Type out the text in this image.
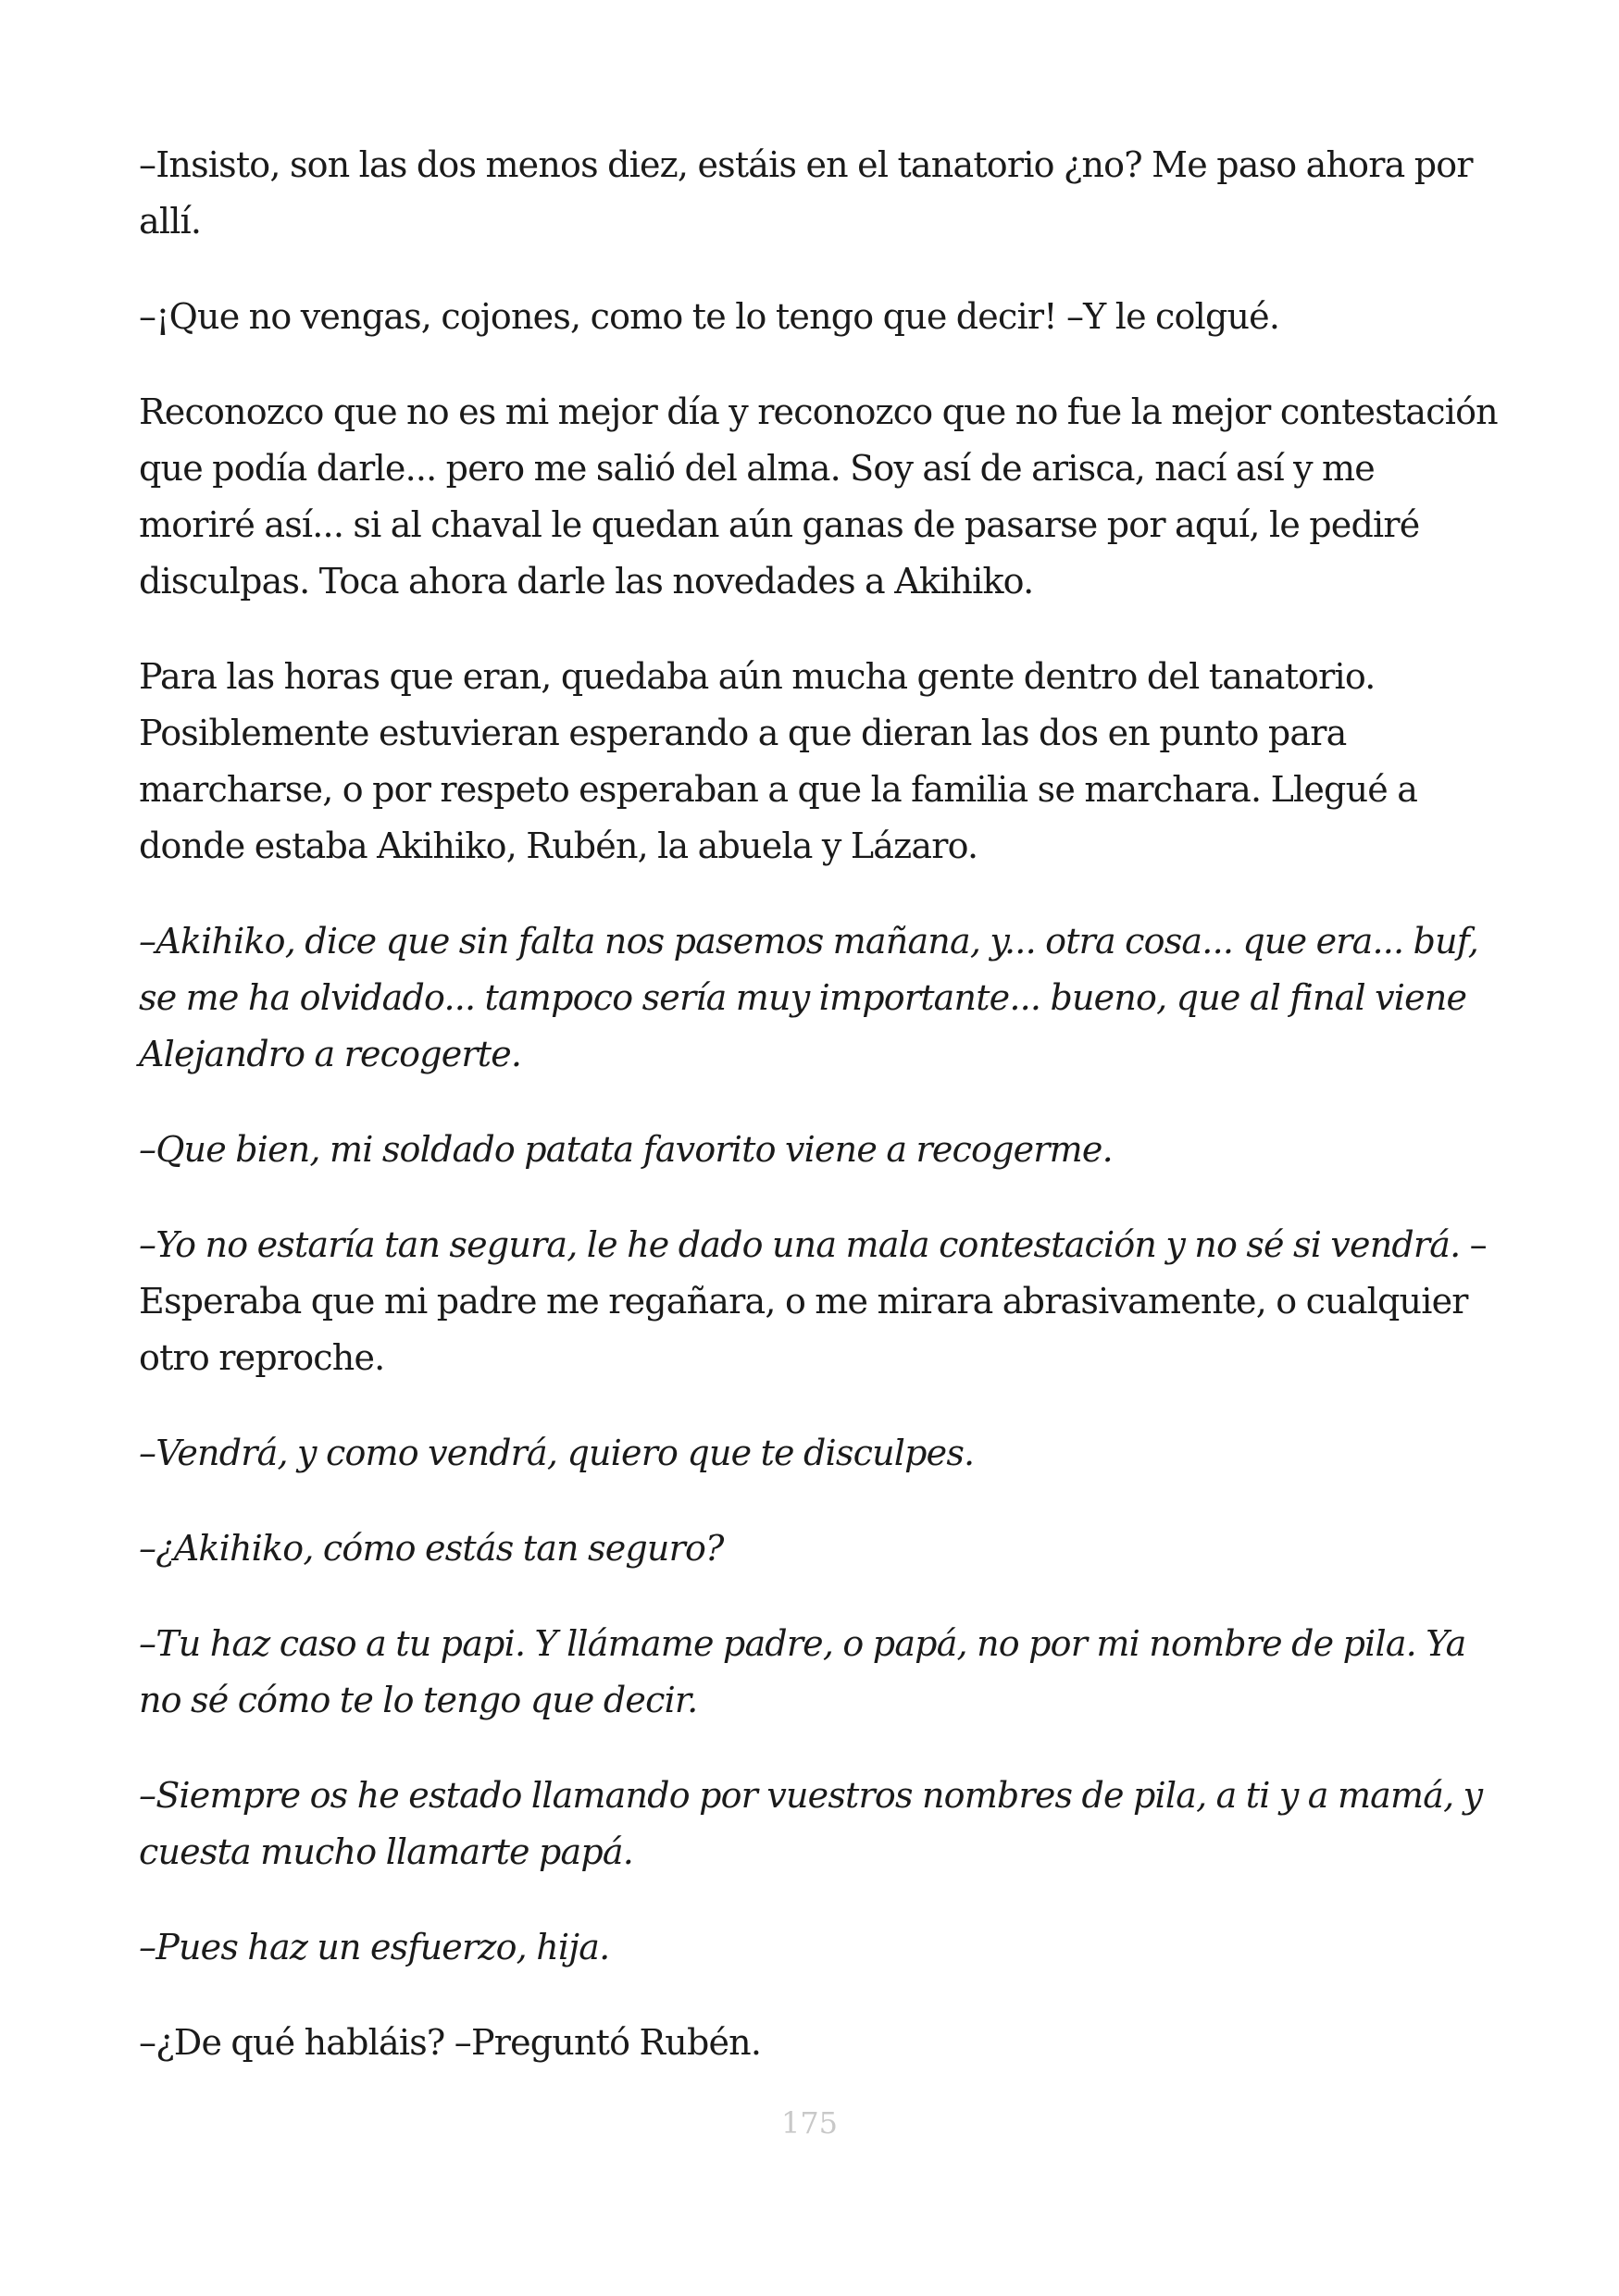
–Insisto, son las dos menos diez, estáis en el tanatorio ¿no? Me paso ahora por allí.

–¡Que no vengas, cojones, como te lo tengo que decir! –Y le colgué.

Reconozco que no es mi mejor día y reconozco que no fue la mejor contestación que podía darle... pero me salió del alma. Soy así de arisca, nací así y me moriré así... si al chaval le quedan aún ganas de pasarse por aquí, le pediré disculpas. Toca ahora darle las novedades a Akihiko.

Para las horas que eran, quedaba aún mucha gente dentro del tanatorio. Posiblemente estuvieran esperando a que dieran las dos en punto para marcharse, o por respeto esperaban a que la familia se marchara. Llegué a donde estaba Akihiko, Rubén, la abuela y Lázaro.

–Akihiko, dice que sin falta nos pasemos mañana, y... otra cosa... que era... buf, se me ha olvidado... tampoco sería muy importante... bueno, que al final viene Alejandro a recogerte.

–Que bien, mi soldado patata favorito viene a recogerme.

–Yo no estaría tan segura, le he dado una mala contestación y no sé si vendrá. –Esperaba que mi padre me regañara, o me mirara abrasivamente, o cualquier otro reproche.

–Vendrá, y como vendrá, quiero que te disculpes.

–¿Akihiko, cómo estás tan seguro?

–Tu haz caso a tu papi. Y llámame padre, o papá, no por mi nombre de pila. Ya no sé cómo te lo tengo que decir.

–Siempre os he estado llamando por vuestros nombres de pila, a ti y a mamá, y cuesta mucho llamarte papá.

–Pues haz un esfuerzo, hija.

–¿De qué habláis? –Preguntó Rubén.

175
